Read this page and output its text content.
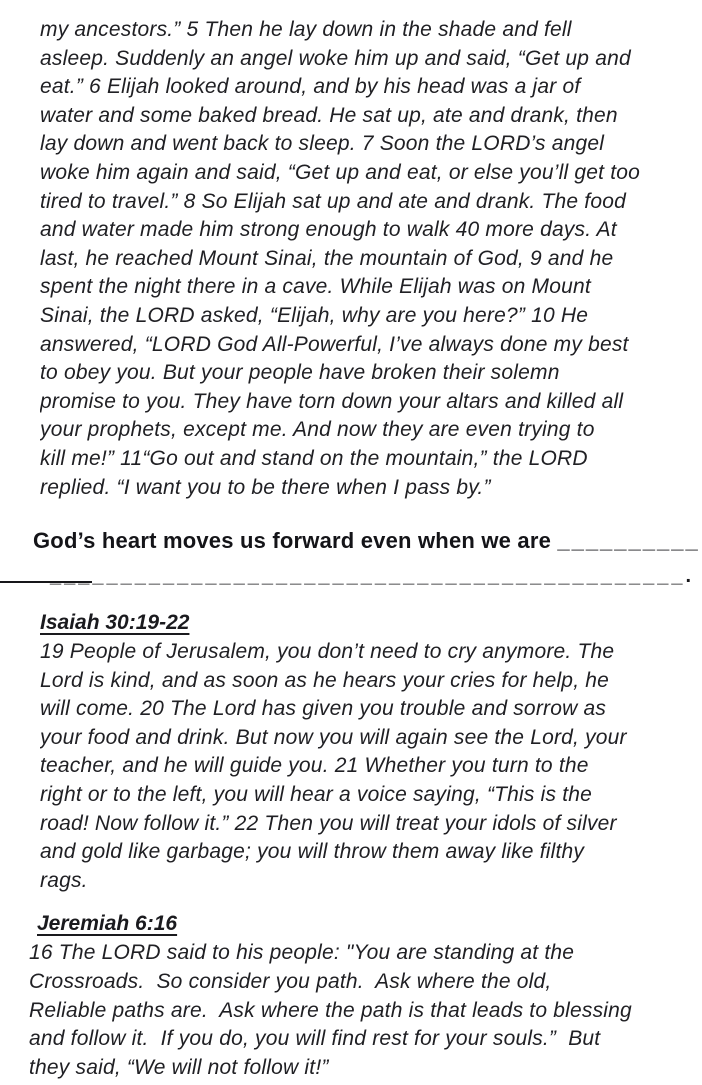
my ancestors.” 5 Then he lay down in the shade and fell
asleep. Suddenly an angel woke him up and said, “Get up and
eat.” 6 Elijah looked around, and by his head was a jar of
water and some baked bread. He sat up, ate and drank, then
lay down and went back to sleep. 7 Soon the LORD’s angel
woke him again and said, “Get up and eat, or else you’ll get too
tired to travel.” 8 So Elijah sat up and ate and drank. The food
and water made him strong enough to walk 40 more days. At
last, he reached Mount Sinai, the mountain of God, 9 and he
spent the night there in a cave. While Elijah was on Mount
Sinai, the LORD asked, “Elijah, why are you here?” 10 He
answered, “LORD God All-Powerful, I’ve always done my best
to obey you. But your people have broken their solemn
promise to you. They have torn down your altars and killed all
your prophets, except me. And now they are even trying to
kill me!” 11“Go out and stand on the mountain,” the LORD
replied. “I want you to be there when I pass by.”
God’s heart moves us forward even when we are __________
_____________________________________________.
Isaiah 30:19-22
19 People of Jerusalem, you don’t need to cry anymore. The
Lord is kind, and as soon as he hears your cries for help, he
will come. 20 The Lord has given you trouble and sorrow as
your food and drink. But now you will again see the Lord, your
teacher, and he will guide you. 21 Whether you turn to the
right or to the left, you will hear a voice saying, “This is the
road! Now follow it.” 22 Then you will treat your idols of silver
and gold like garbage; you will throw them away like filthy
rags.
Jeremiah 6:16
16 The LORD said to his people: "You are standing at the
Crossroads.  So consider you path.  Ask where the old,
Reliable paths are.  Ask where the path is that leads to blessing
and follow it.  If you do, you will find rest for your souls.”  But
they said, “We will not follow it!”
